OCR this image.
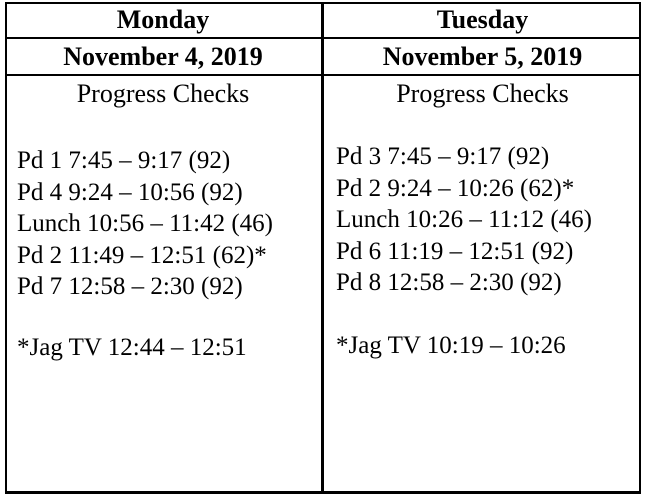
Monday
November 4, 2019
Progress Checks
Pd 1 7:45 – 9:17 (92)
Pd 4 9:24 – 10:56 (92)
Lunch 10:56 – 11:42 (46)
Pd 2 11:49 – 12:51 (62)*
Pd 7 12:58 – 2:30 (92)
*Jag TV 12:44 – 12:51
Tuesday
November 5, 2019
Progress Checks
Pd 3 7:45 – 9:17 (92)
Pd 2 9:24 – 10:26 (62)*
Lunch 10:26 – 11:12 (46)
Pd 6 11:19 – 12:51 (92)
Pd 8 12:58 – 2:30 (92)
*Jag TV 10:19 – 10:26
